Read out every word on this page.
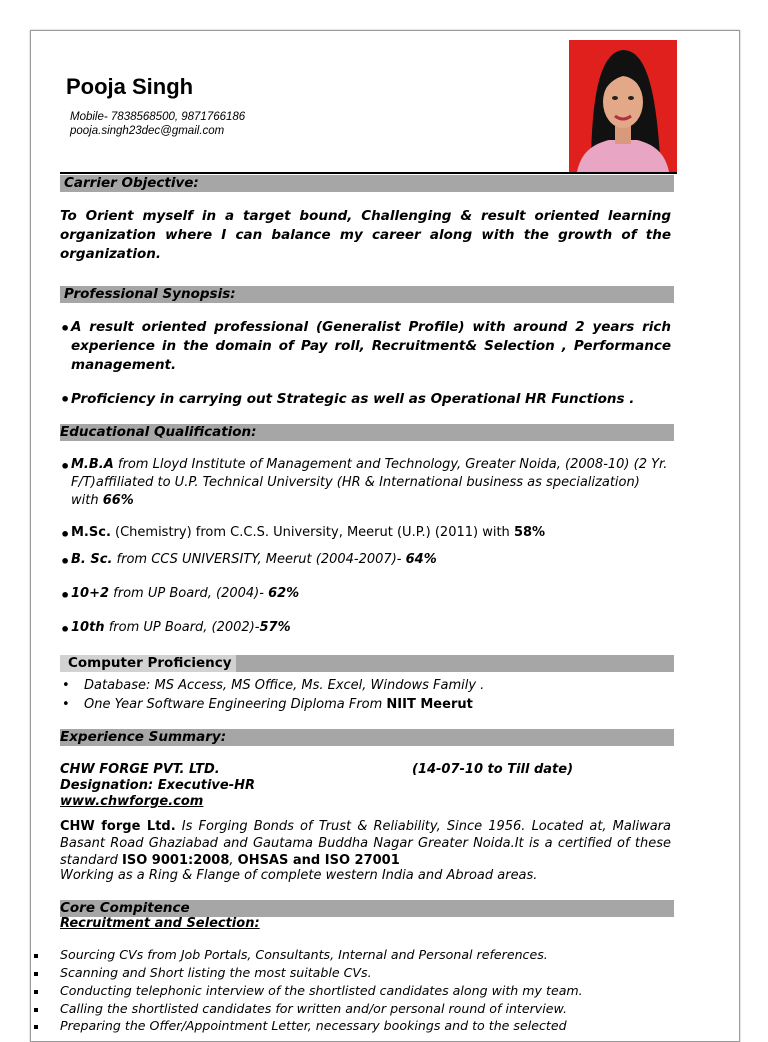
Pooja Singh
Mobile- 7838568500, 9871766186
pooja.singh23dec@gmail.com
Carrier Objective:
To Orient myself in a target bound, Challenging & result oriented learning organization where I can balance my career along with the growth of the organization.
Professional Synopsis:
• A result oriented professional (Generalist Profile) with around 2 years rich experience in the domain of Pay roll, Recruitment& Selection , Performance management.
• Proficiency in carrying out Strategic as well as Operational HR Functions .
Educational Qualification:
• M.B.A from Lloyd Institute of Management and Technology, Greater Noida, (2008-10) (2 Yr. F/T)affiliated to U.P. Technical University (HR & International business as specialization) with 66%
• M.Sc. (Chemistry) from C.C.S. University, Meerut (U.P.) (2011) with 58%
• B. Sc. from CCS UNIVERSITY, Meerut (2004-2007)- 64%
• 10+2 from UP Board, (2004)- 62%
• 10th from UP Board, (2002)-57%
Computer Proficiency
• Database: MS Access, MS Office, Ms. Excel, Windows Family .
• One Year Software Engineering Diploma From NIIT Meerut
Experience Summary:
CHW FORGE PVT. LTD.	(14-07-10 to Till date)
Designation: Executive-HR
www.chwforge.com
CHW forge Ltd. Is Forging Bonds of Trust & Reliability, Since 1956. Located at, Maliwara Basant Road Ghaziabad and Gautama Buddha Nagar Greater Noida.It is a certified of these standard ISO 9001:2008, OHSAS and ISO 27001
Working as a Ring & Flange of complete western India and Abroad areas.
Core Compitence
Recruitment and Selection:
Sourcing CVs from Job Portals, Consultants, Internal and Personal references.
Scanning and Short listing the most suitable CVs.
Conducting telephonic interview of the shortlisted candidates along with my team.
Calling the shortlisted candidates for written and/or personal round of interview.
Preparing the Offer/Appointment Letter, necessary bookings and to the selected
